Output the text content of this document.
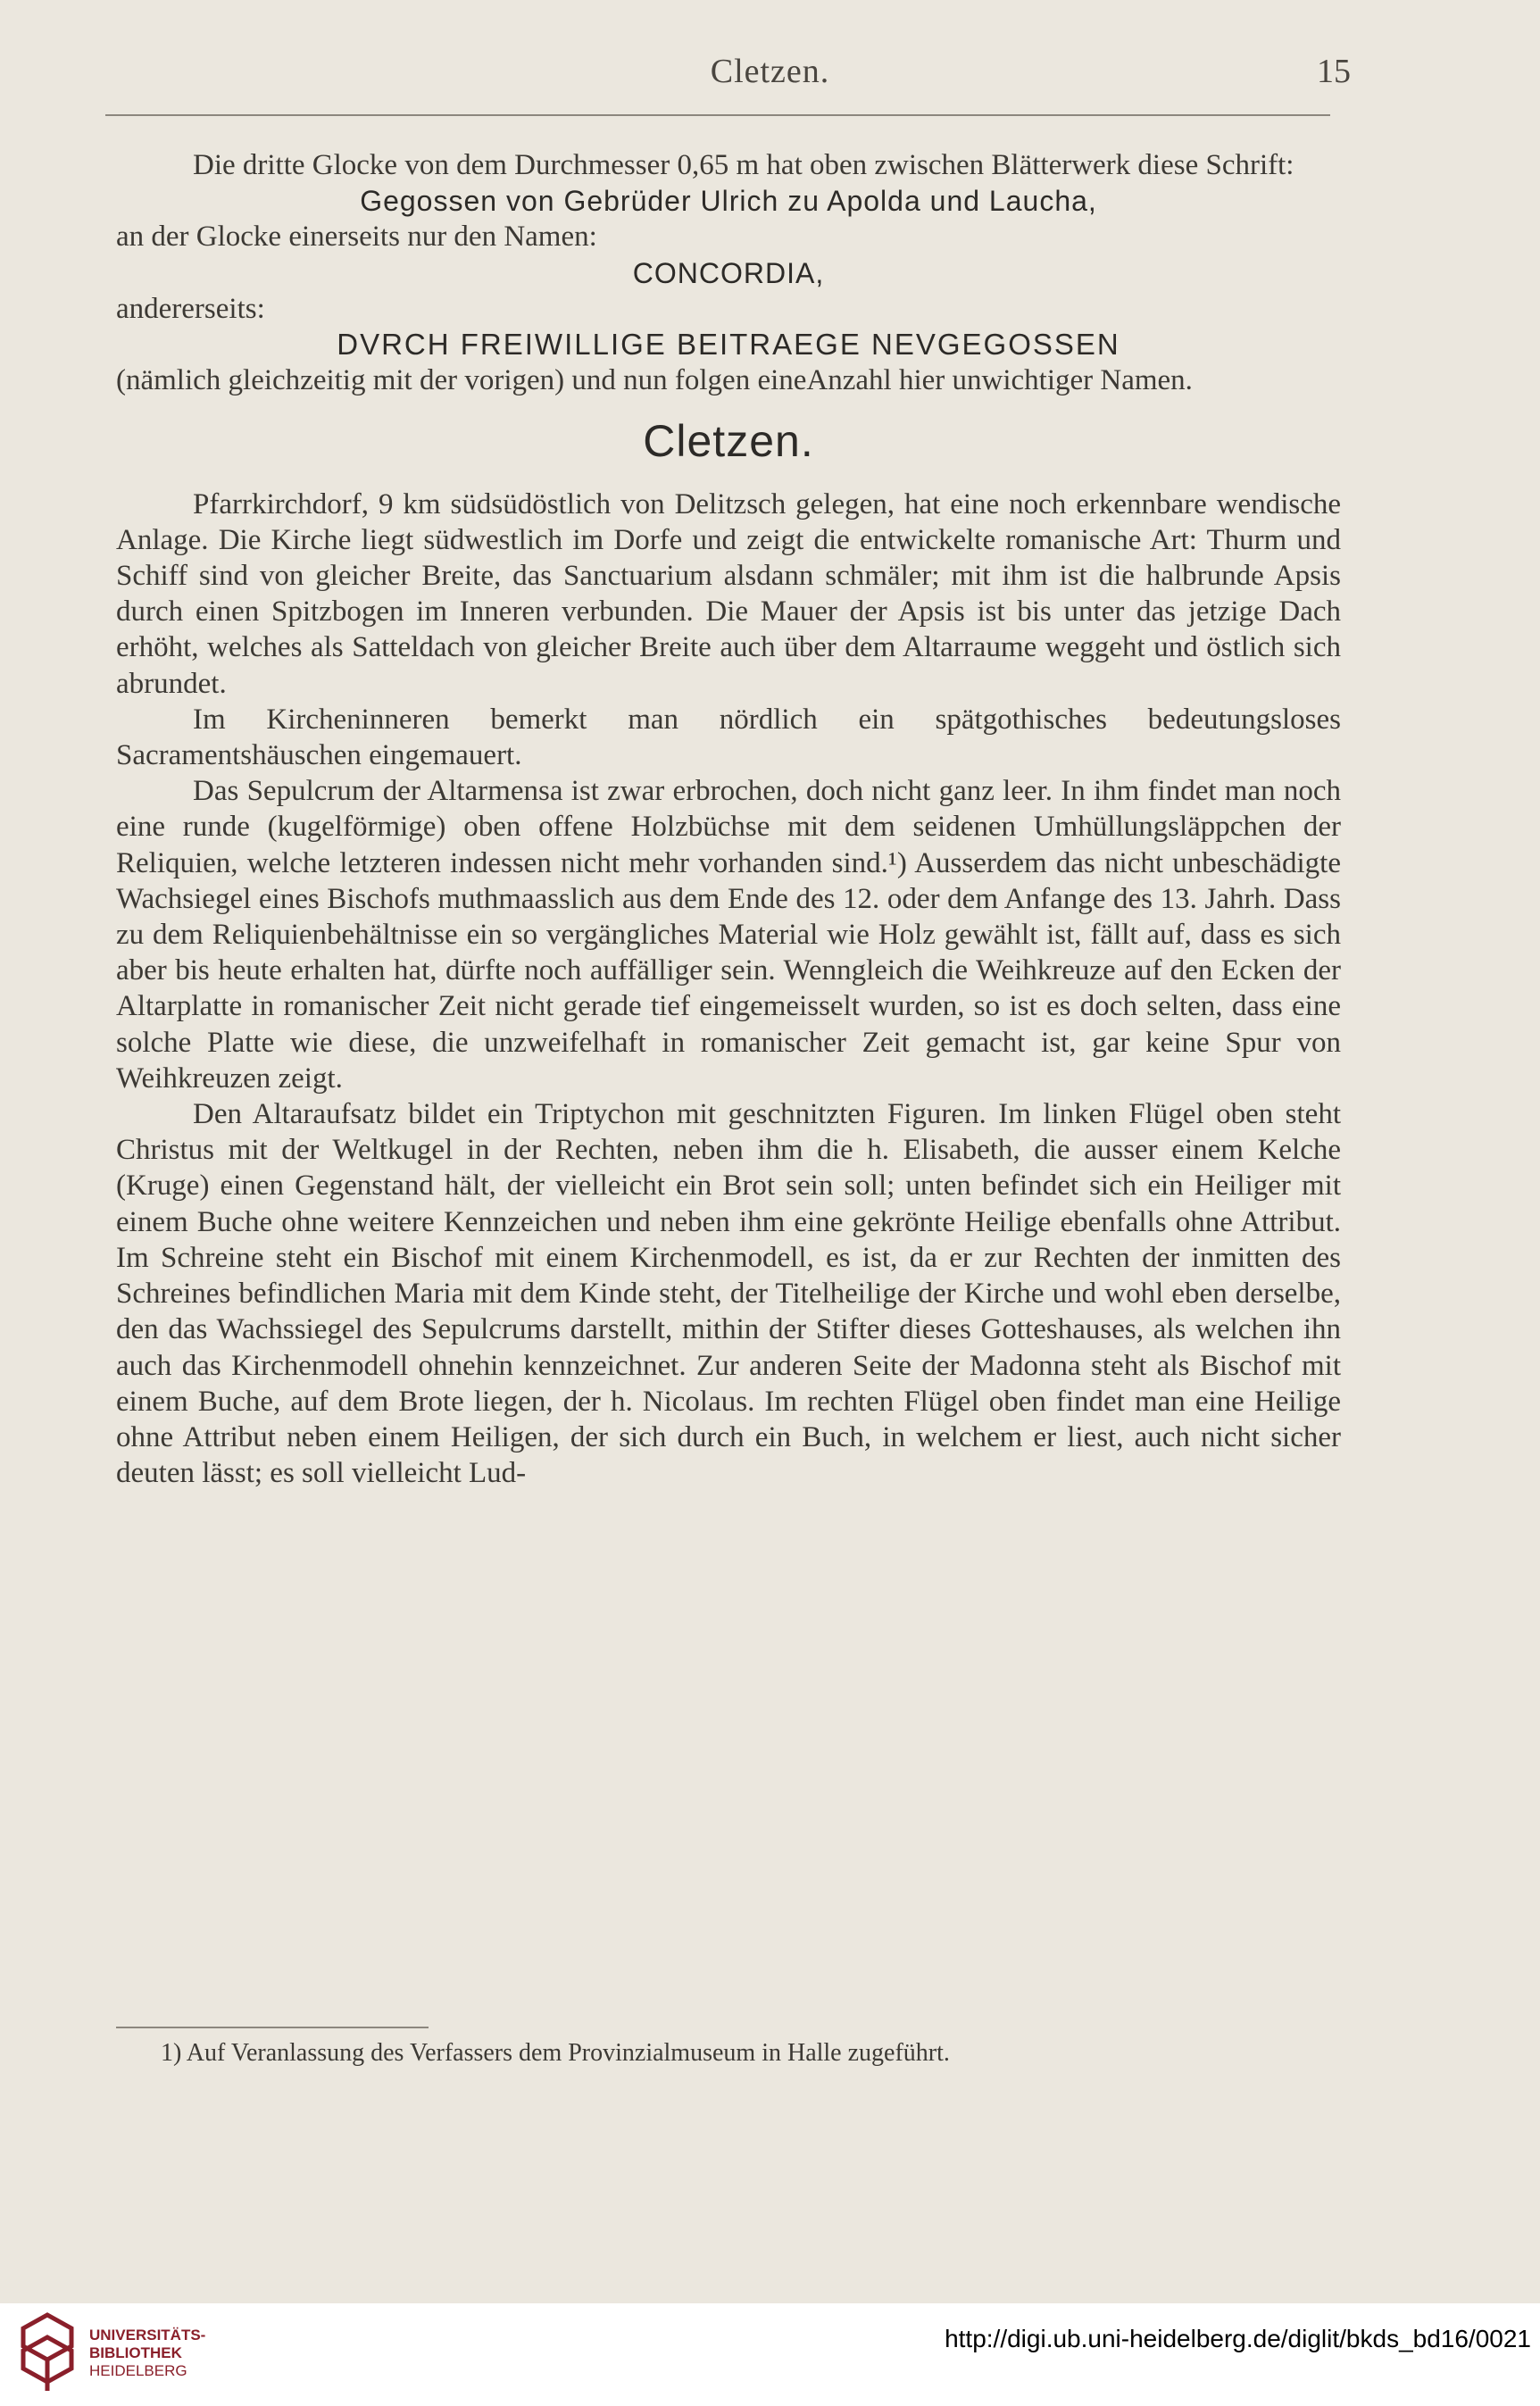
Cletzen.	15

Die dritte Glocke von dem Durchmesser 0,65 m hat oben zwischen Blätterwerk diese Schrift:

Gegossen von Gebrüder Ulrich zu Apolda und Laucha,

an der Glocke einerseits nur den Namen:

CONCORDIA,

andererseits:

DVRCH FREIWILLIGE BEITRAEGE NEVGEGOSSEN

(nämlich gleichzeitig mit der vorigen) und nun folgen eineAnzahl hier unwichtiger Namen.

Cletzen.

Pfarrkirchdorf, 9 km südsüdöstlich von Delitzsch gelegen, hat eine noch erkennbare wendische Anlage. Die Kirche liegt südwestlich im Dorfe und zeigt die entwickelte romanische Art: Thurm und Schiff sind von gleicher Breite, das Sanctuarium alsdann schmäler; mit ihm ist die halbrunde Apsis durch einen Spitzbogen im Inneren verbunden. Die Mauer der Apsis ist bis unter das jetzige Dach erhöht, welches als Satteldach von gleicher Breite auch über dem Altarraume weggeht und östlich sich abrundet.

Im Kircheninneren bemerkt man nördlich ein spätgothisches bedeutungsloses Sacramentshäuschen eingemauert.

Das Sepulcrum der Altarmensa ist zwar erbrochen, doch nicht ganz leer. In ihm findet man noch eine runde (kugelförmige) oben offene Holzbüchse mit dem seidenen Umhüllungsläppchen der Reliquien, welche letzteren indessen nicht mehr vorhanden sind.¹) Ausserdem das nicht unbeschädigte Wachsiegel eines Bischofs muthmaasslich aus dem Ende des 12. oder dem Anfange des 13. Jahrh. Dass zu dem Reliquienbehältnisse ein so vergängliches Material wie Holz gewählt ist, fällt auf, dass es sich aber bis heute erhalten hat, dürfte noch auffälliger sein. Wenngleich die Weihkreuze auf den Ecken der Altarplatte in romanischer Zeit nicht gerade tief eingemeisselt wurden, so ist es doch selten, dass eine solche Platte wie diese, die unzweifelhaft in romanischer Zeit gemacht ist, gar keine Spur von Weihkreuzen zeigt.

Den Altaraufsatz bildet ein Triptychon mit geschnitzten Figuren. Im linken Flügel oben steht Christus mit der Weltkugel in der Rechten, neben ihm die h. Elisabeth, die ausser einem Kelche (Kruge) einen Gegenstand hält, der vielleicht ein Brot sein soll; unten befindet sich ein Heiliger mit einem Buche ohne weitere Kennzeichen und neben ihm eine gekrönte Heilige ebenfalls ohne Attribut. Im Schreine steht ein Bischof mit einem Kirchenmodell, es ist, da er zur Rechten der inmitten des Schreines befindlichen Maria mit dem Kinde steht, der Titelheilige der Kirche und wohl eben derselbe, den das Wachssiegel des Sepulcrums darstellt, mithin der Stifter dieses Gotteshauses, als welchen ihn auch das Kirchenmodell ohnehin kennzeichnet. Zur anderen Seite der Madonna steht als Bischof mit einem Buche, auf dem Brote liegen, der h. Nicolaus. Im rechten Flügel oben findet man eine Heilige ohne Attribut neben einem Heiligen, der sich durch ein Buch, in welchem er liest, auch nicht sicher deuten lässt; es soll vielleicht Lud-

1) Auf Veranlassung des Verfassers dem Provinzialmuseum in Halle zugeführt.
UNIVERSITÄTS-
BIBLIOTHEK
HEIDELBERG
http://digi.ub.uni-heidelberg.de/diglit/bkds_bd16/0021
